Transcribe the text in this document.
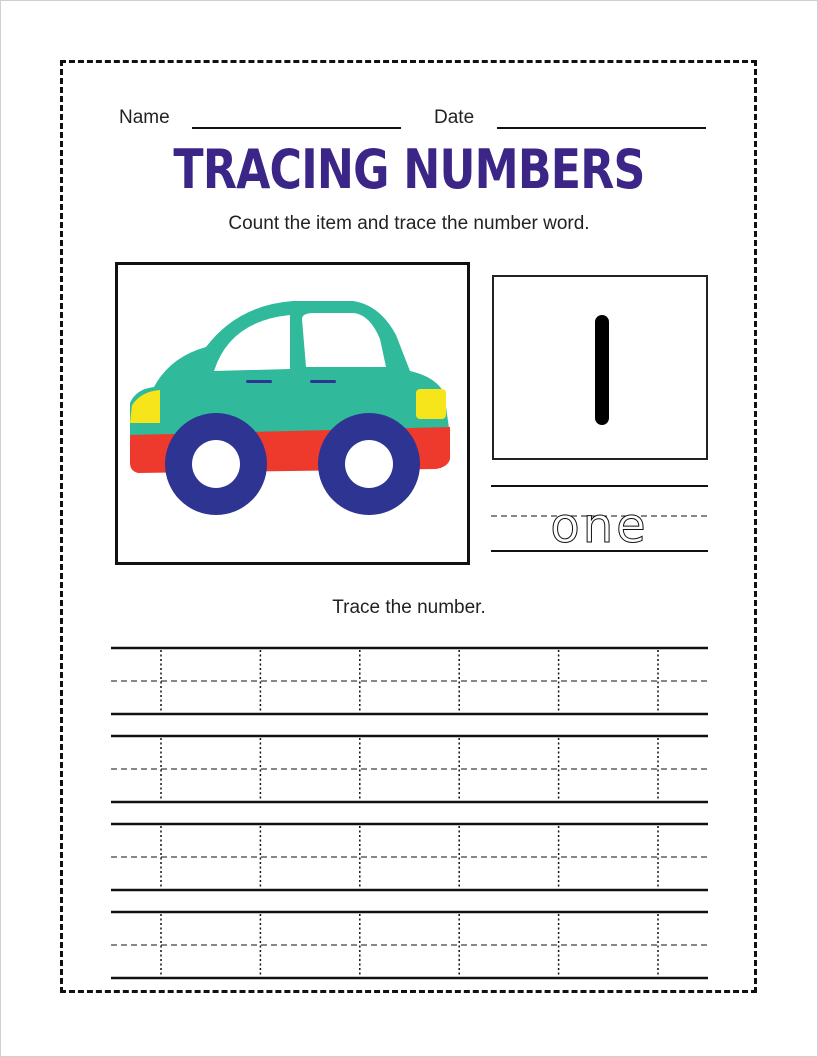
Name	Date
TRACING NUMBERS
Count the item and trace the number word.
one
Trace the number.
